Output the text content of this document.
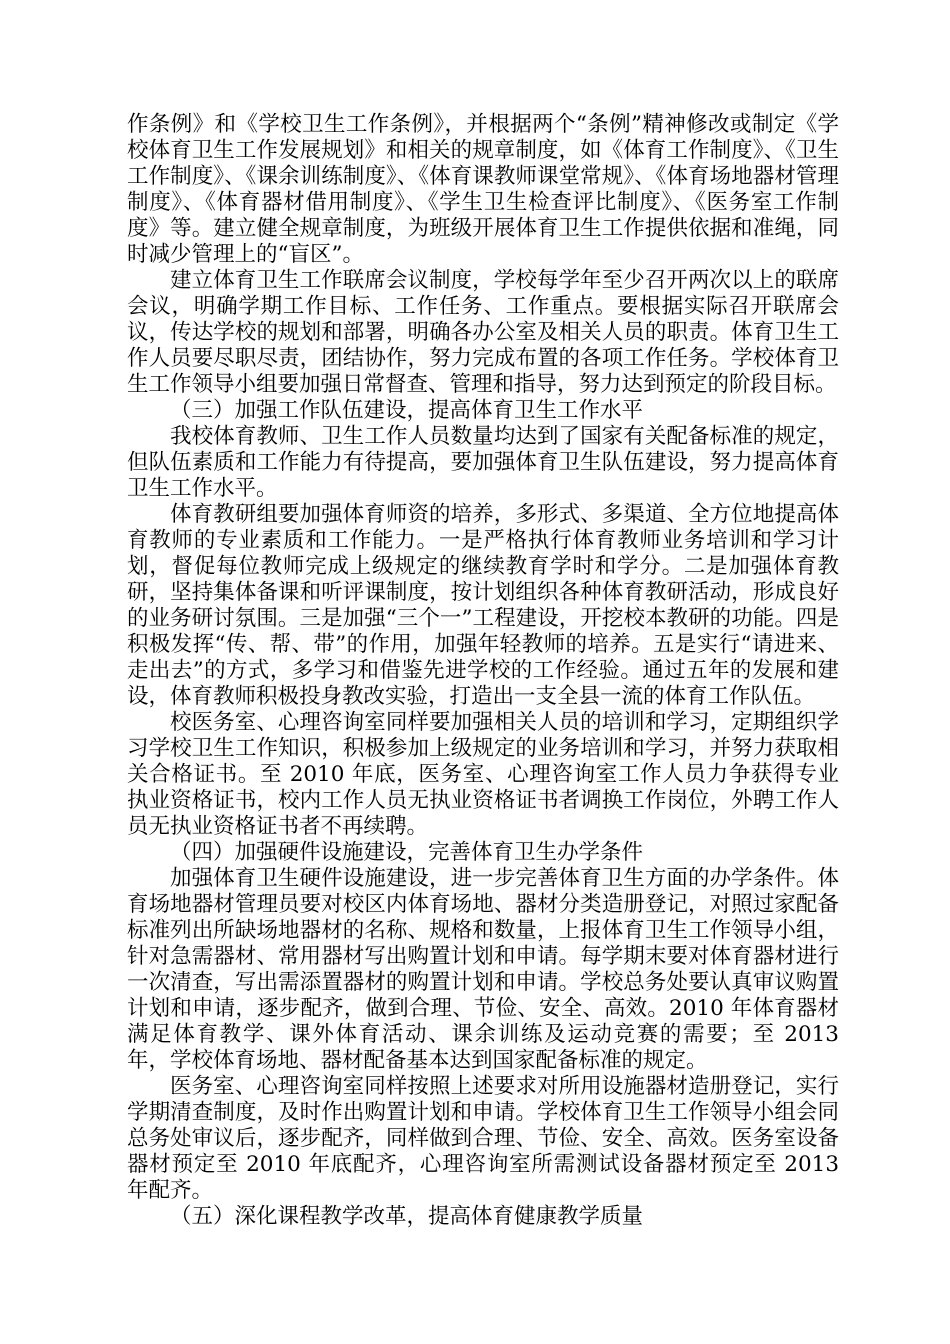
作条例》和《学校卫生工作条例》，并根据两个“条例”精神修改或制定《学校体育卫生工作发展规划》和相关的规章制度，如《体育工作制度》、《卫生工作制度》、《课余训练制度》、《体育课教师课堂常规》、《体育场地器材管理制度》、《体育器材借用制度》、《学生卫生检查评比制度》、《医务室工作制度》等。建立健全规章制度，为班级开展体育卫生工作提供依据和准绳，同时减少管理上的“盲区”。

建立体育卫生工作联席会议制度，学校每学年至少召开两次以上的联席会议，明确学期工作目标、工作任务、工作重点。要根据实际召开联席会议，传达学校的规划和部署，明确各办公室及相关人员的职责。体育卫生工作人员要尽职尽责，团结协作，努力完成布置的各项工作任务。学校体育卫生工作领导小组要加强日常督查、管理和指导，努力达到预定的阶段目标。

（三）加强工作队伍建设，提高体育卫生工作水平

我校体育教师、卫生工作人员数量均达到了国家有关配备标准的规定，但队伍素质和工作能力有待提高，要加强体育卫生队伍建设，努力提高体育卫生工作水平。

体育教研组要加强体育师资的培养，多形式、多渠道、全方位地提高体育教师的专业素质和工作能力。一是严格执行体育教师业务培训和学习计划，督促每位教师完成上级规定的继续教育学时和学分。二是加强体育教研，坚持集体备课和听评课制度，按计划组织各种体育教研活动，形成良好的业务研讨氛围。三是加强“三个一”工程建设，开挖校本教研的功能。四是积极发挥“传、帮、带”的作用，加强年轻教师的培养。五是实行“请进来、走出去”的方式，多学习和借鉴先进学校的工作经验。通过五年的发展和建设，体育教师积极投身教改实验，打造出一支全县一流的体育工作队伍。

校医务室、心理咨询室同样要加强相关人员的培训和学习，定期组织学习学校卫生工作知识，积极参加上级规定的业务培训和学习，并努力获取相关合格证书。至 2010 年底，医务室、心理咨询室工作人员力争获得专业执业资格证书，校内工作人员无执业资格证书者调换工作岗位，外聘工作人员无执业资格证书者不再续聘。

（四）加强硬件设施建设，完善体育卫生办学条件

加强体育卫生硬件设施建设，进一步完善体育卫生方面的办学条件。体育场地器材管理员要对校区内体育场地、器材分类造册登记，对照过家配备标准列出所缺场地器材的名称、规格和数量，上报体育卫生工作领导小组，针对急需器材、常用器材写出购置计划和申请。每学期末要对体育器材进行一次清查，写出需添置器材的购置计划和申请。学校总务处要认真审议购置计划和申请，逐步配齐，做到合理、节俭、安全、高效。2010 年体育器材满足体育教学、课外体育活动、课余训练及运动竞赛的需要；至 2013 年，学校体育场地、器材配备基本达到国家配备标准的规定。

医务室、心理咨询室同样按照上述要求对所用设施器材造册登记，实行学期清查制度，及时作出购置计划和申请。学校体育卫生工作领导小组会同总务处审议后，逐步配齐，同样做到合理、节俭、安全、高效。医务室设备器材预定至 2010 年底配齐，心理咨询室所需测试设备器材预定至 2013 年配齐。

（五）深化课程教学改革，提高体育健康教学质量
